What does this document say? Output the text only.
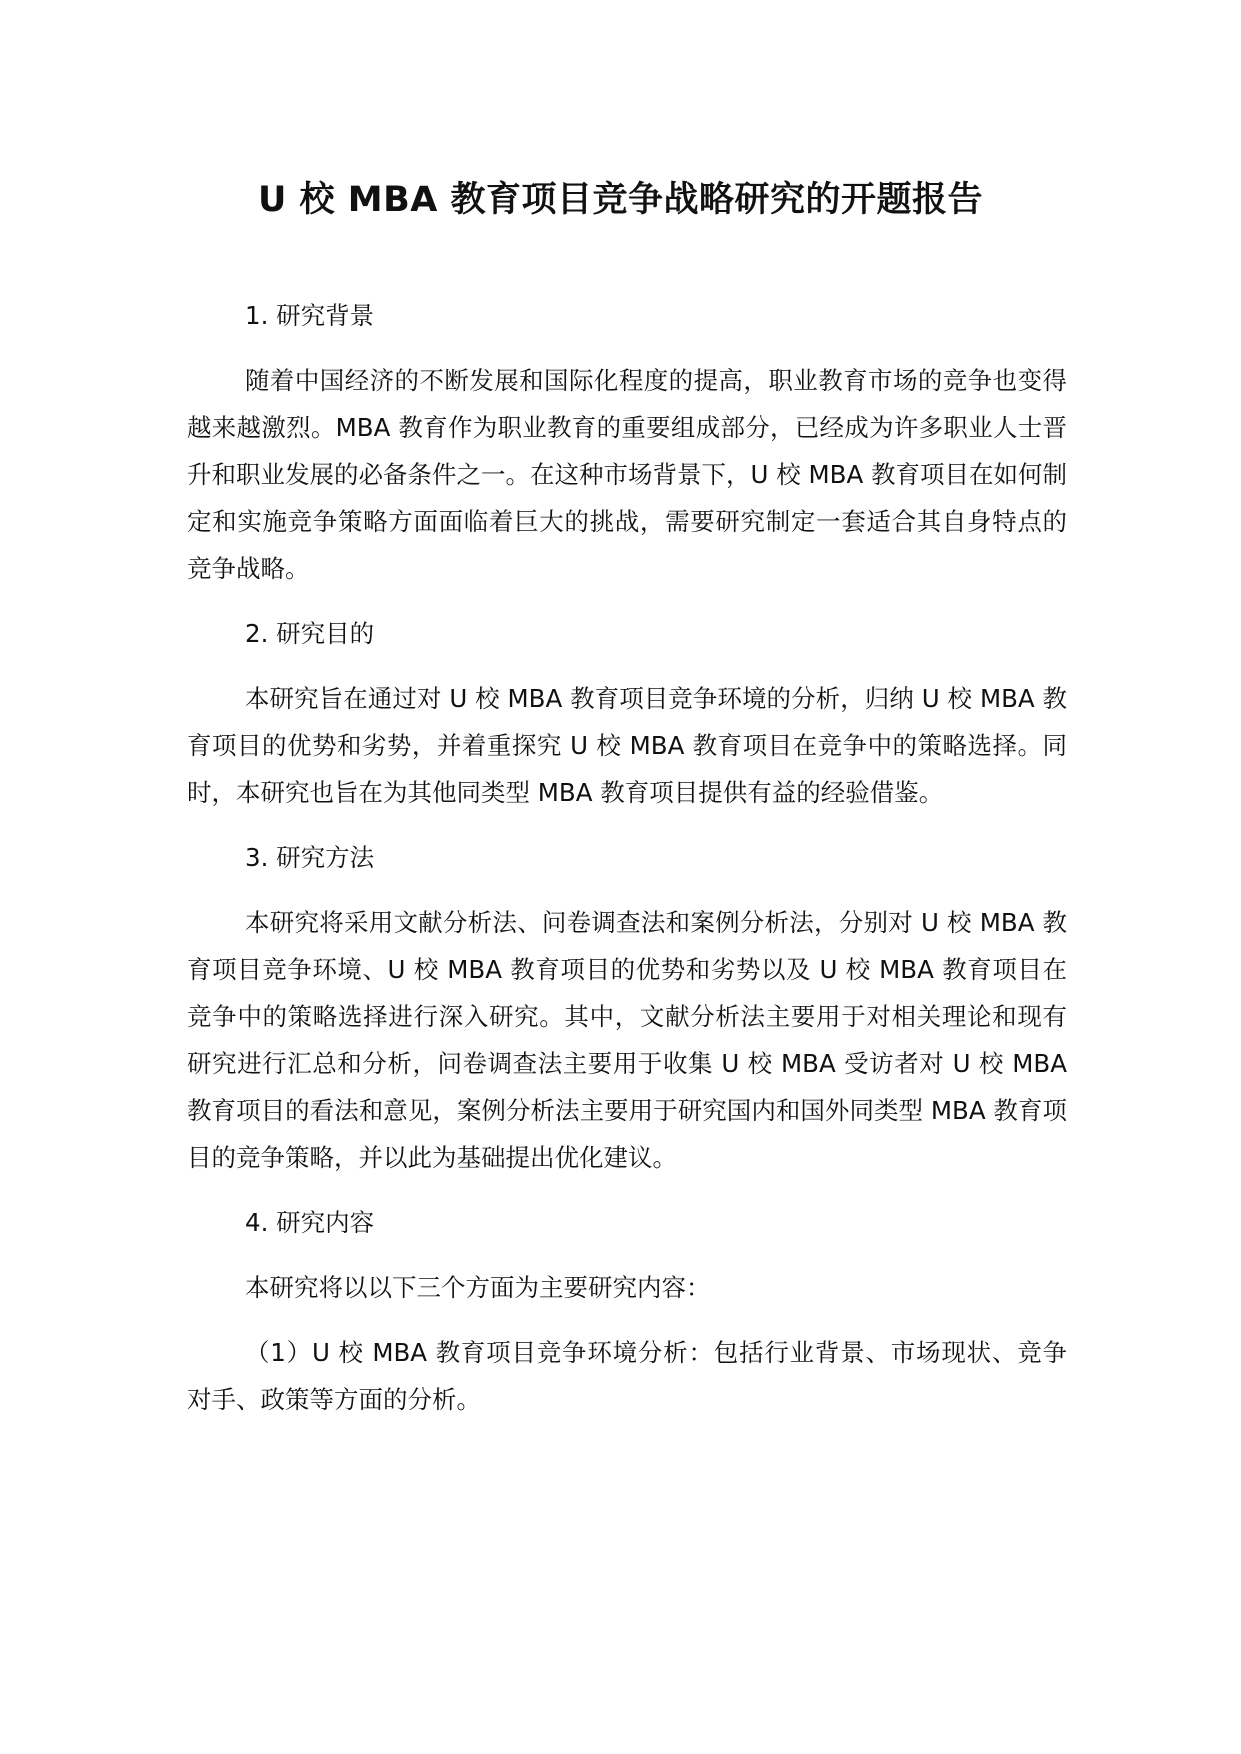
U 校 MBA 教育项目竞争战略研究的开题报告
1. 研究背景

随着中国经济的不断发展和国际化程度的提高，职业教育市场的竞争也变得越来越激烈。MBA 教育作为职业教育的重要组成部分，已经成为许多职业人士晋升和职业发展的必备条件之一。在这种市场背景下，U 校 MBA 教育项目在如何制定和实施竞争策略方面面临着巨大的挑战，需要研究制定一套适合其自身特点的竞争战略。

2. 研究目的

本研究旨在通过对 U 校 MBA 教育项目竞争环境的分析，归纳 U 校 MBA 教育项目的优势和劣势，并着重探究 U 校 MBA 教育项目在竞争中的策略选择。同时，本研究也旨在为其他同类型 MBA 教育项目提供有益的经验借鉴。

3. 研究方法

本研究将采用文献分析法、问卷调查法和案例分析法，分别对 U 校 MBA 教育项目竞争环境、U 校 MBA 教育项目的优势和劣势以及 U 校 MBA 教育项目在竞争中的策略选择进行深入研究。其中，文献分析法主要用于对相关理论和现有研究进行汇总和分析，问卷调查法主要用于收集 U 校 MBA 受访者对 U 校 MBA 教育项目的看法和意见，案例分析法主要用于研究国内和国外同类型 MBA 教育项目的竞争策略，并以此为基础提出优化建议。

4. 研究内容

本研究将以以下三个方面为主要研究内容：

（1）U 校 MBA 教育项目竞争环境分析：包括行业背景、市场现状、竞争对手、政策等方面的分析。
